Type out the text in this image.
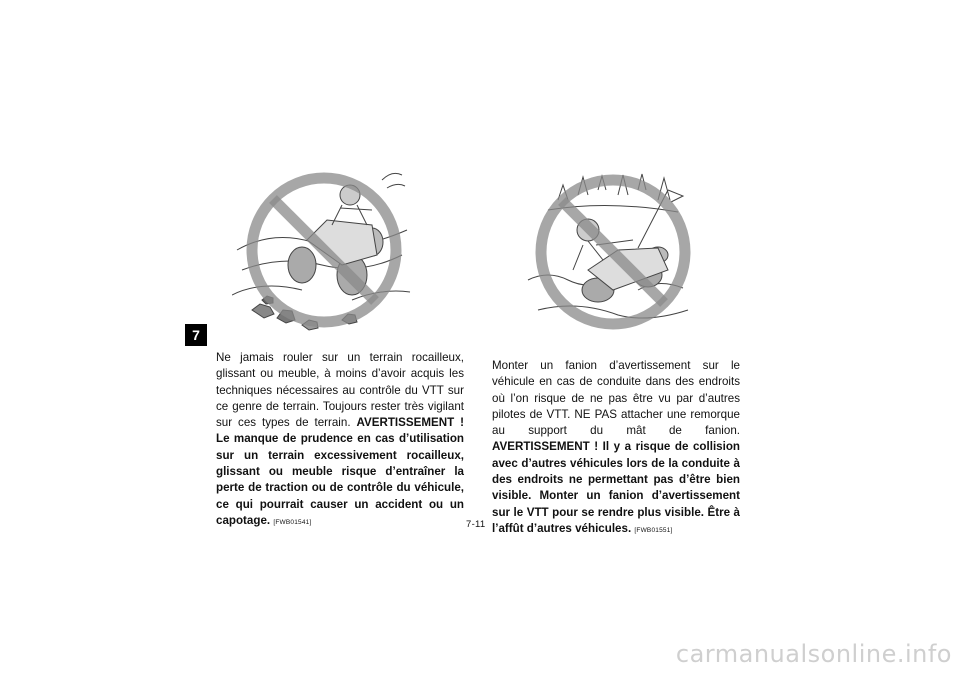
7
Ne jamais rouler sur un terrain rocailleux, glissant ou meuble, à moins d’avoir acquis les techniques nécessaires au contrôle du VTT sur ce genre de terrain. Toujours rester très vigilant sur ces types de terrain. AVERTISSEMENT ! Le manque de prudence en cas d’utilisation sur un terrain excessivement rocailleux, glissant ou meuble risque d’entraîner la perte de traction ou de contrôle du véhicule, ce qui pourrait causer un accident ou un capotage. [FWB01541]
Monter un fanion d’avertissement sur le véhicule en cas de conduite dans des endroits où l’on risque de ne pas être vu par d’autres pilotes de VTT. NE PAS attacher une remorque au support du mât de fanion. AVERTISSEMENT ! Il y a risque de collision avec d’autres véhicules lors de la conduite à des endroits ne permettant pas d’être bien visible. Monter un fanion d’avertissement sur le VTT pour se rendre plus visible. Être à l’affût d’autres véhicules. [FWB01551]
7-11
carmanualsonline.info
